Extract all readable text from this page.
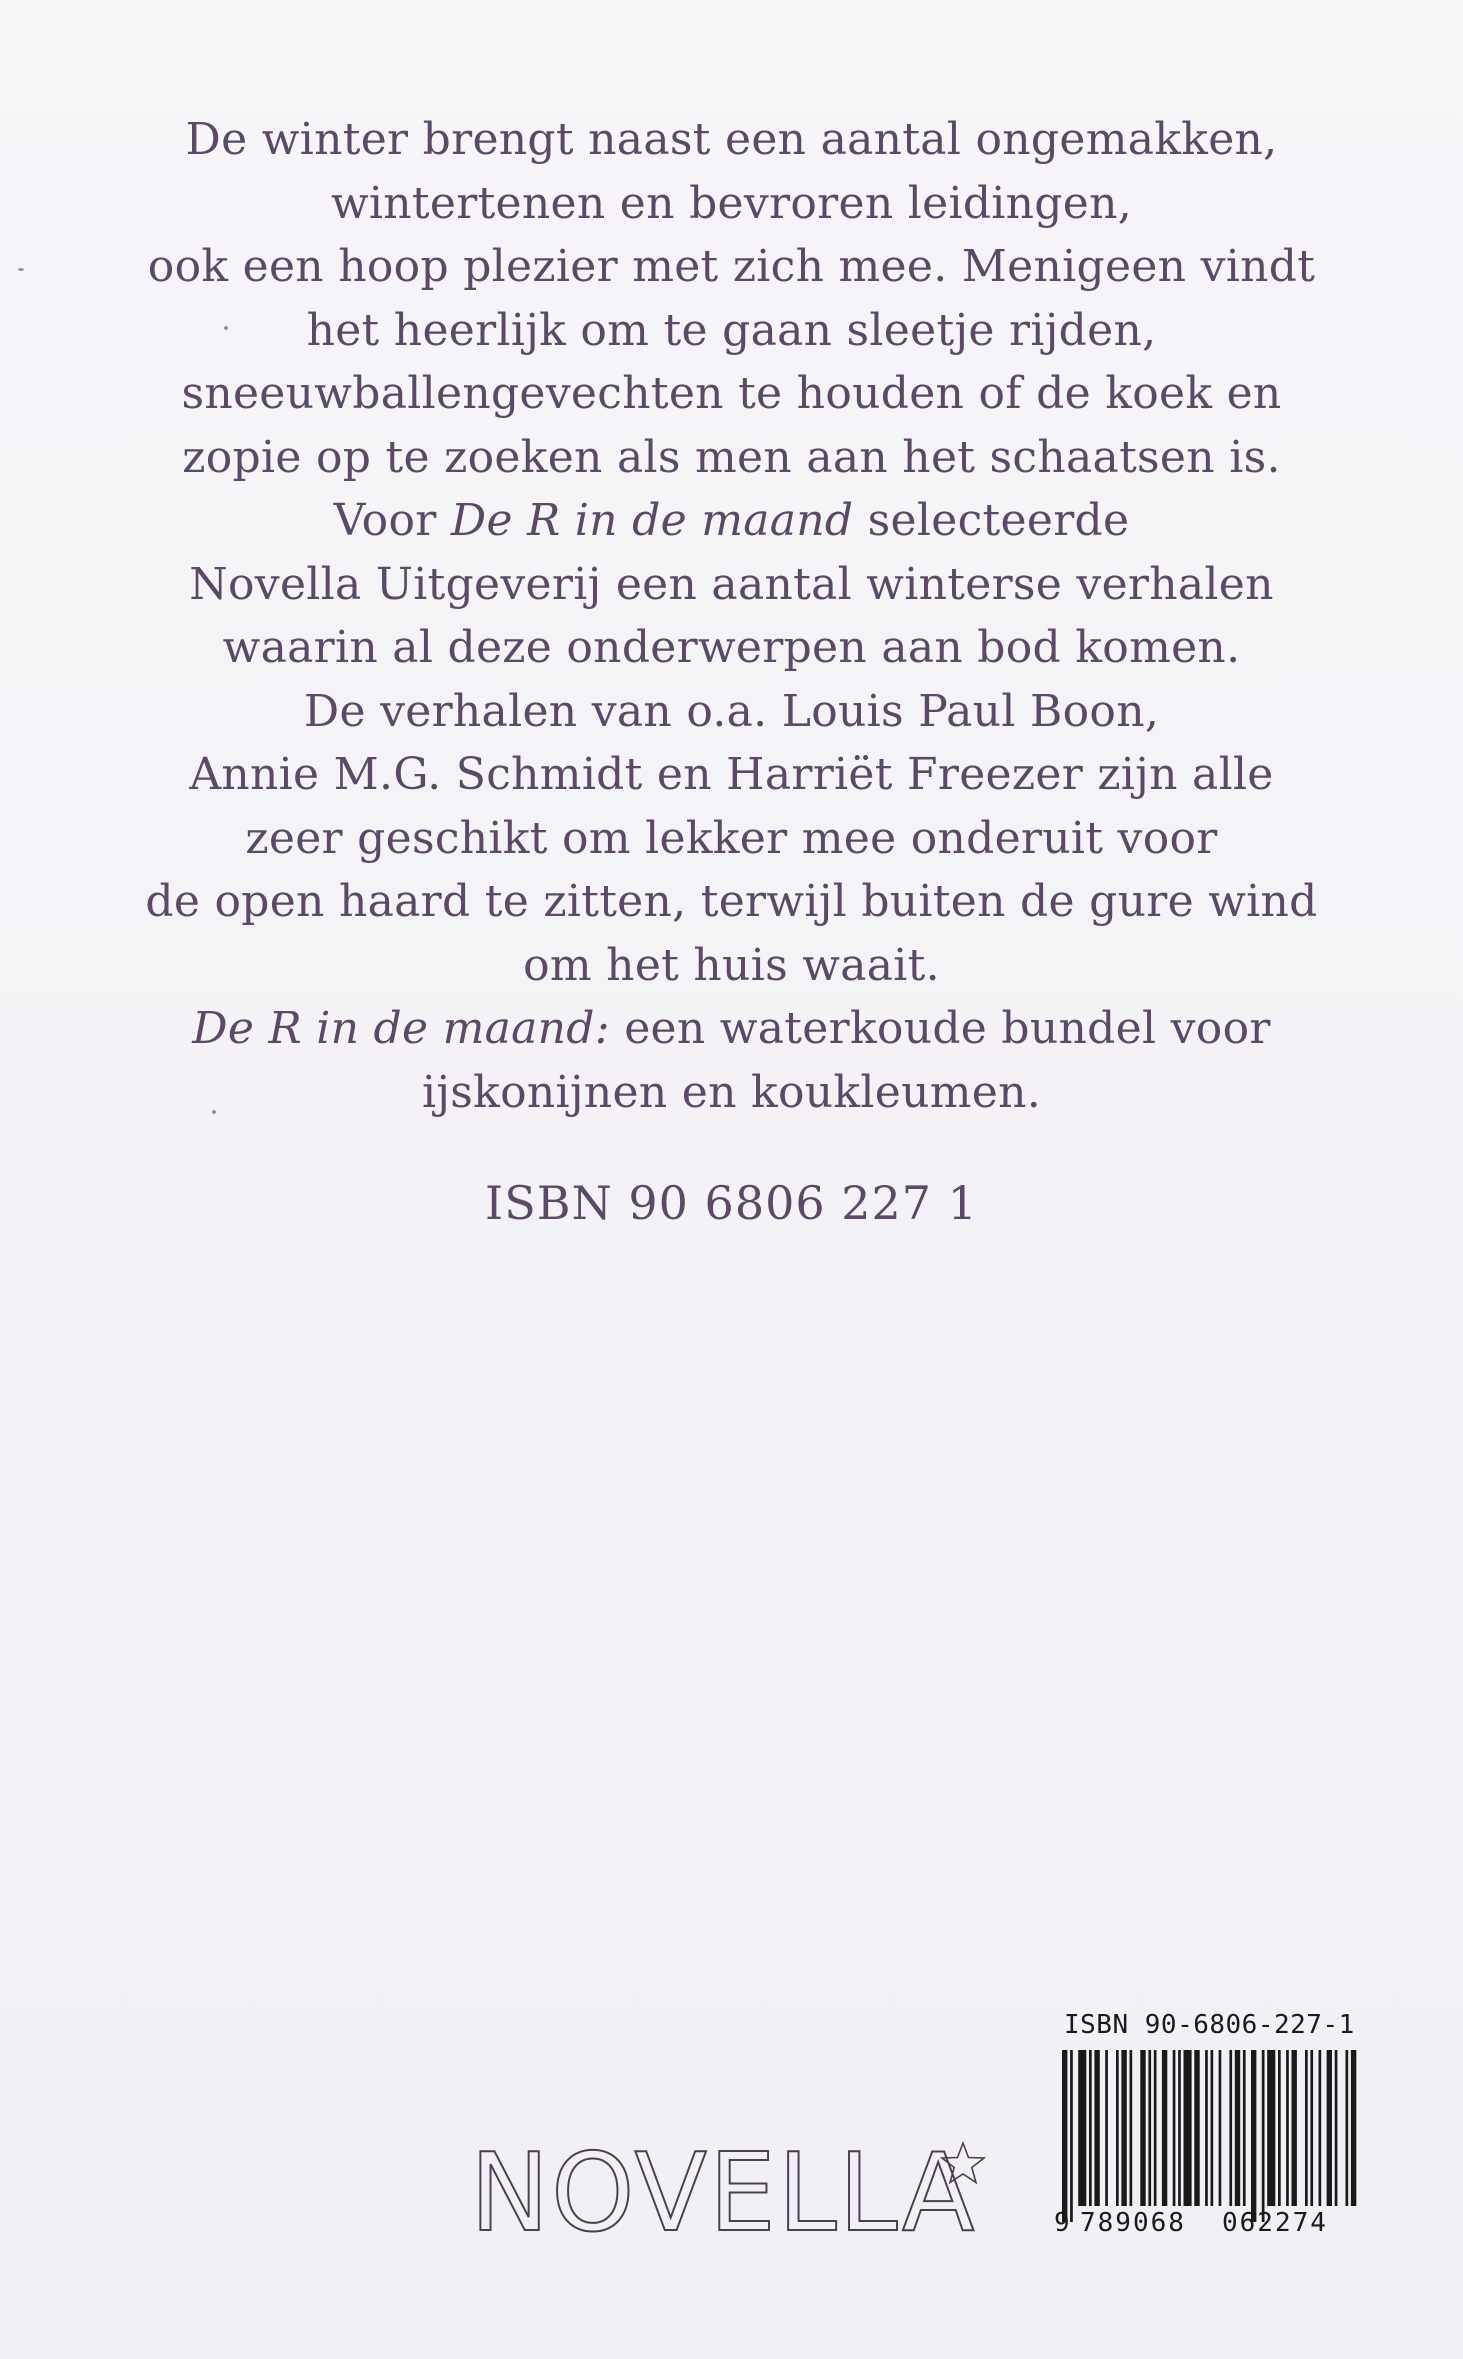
De winter brengt naast een aantal ongemakken,
wintertenen en bevroren leidingen,
ook een hoop plezier met zich mee. Menigeen vindt
het heerlijk om te gaan sleetje rijden,
sneeuwballengevechten te houden of de koek en
zopie op te zoeken als men aan het schaatsen is.
Voor De R in de maand selecteerde
Novella Uitgeverij een aantal winterse verhalen
waarin al deze onderwerpen aan bod komen.
De verhalen van o.a. Louis Paul Boon,
Annie M.G. Schmidt en Harriët Freezer zijn alle
zeer geschikt om lekker mee onderuit voor
de open haard te zitten, terwijl buiten de gure wind
om het huis waait.
De R in de maand: een waterkoude bundel voor
ijskonijnen en koukleumen.
ISBN 90 6806 227 1
NOVELLA
ISBN 90-6806-227-1
9 789068 062274
